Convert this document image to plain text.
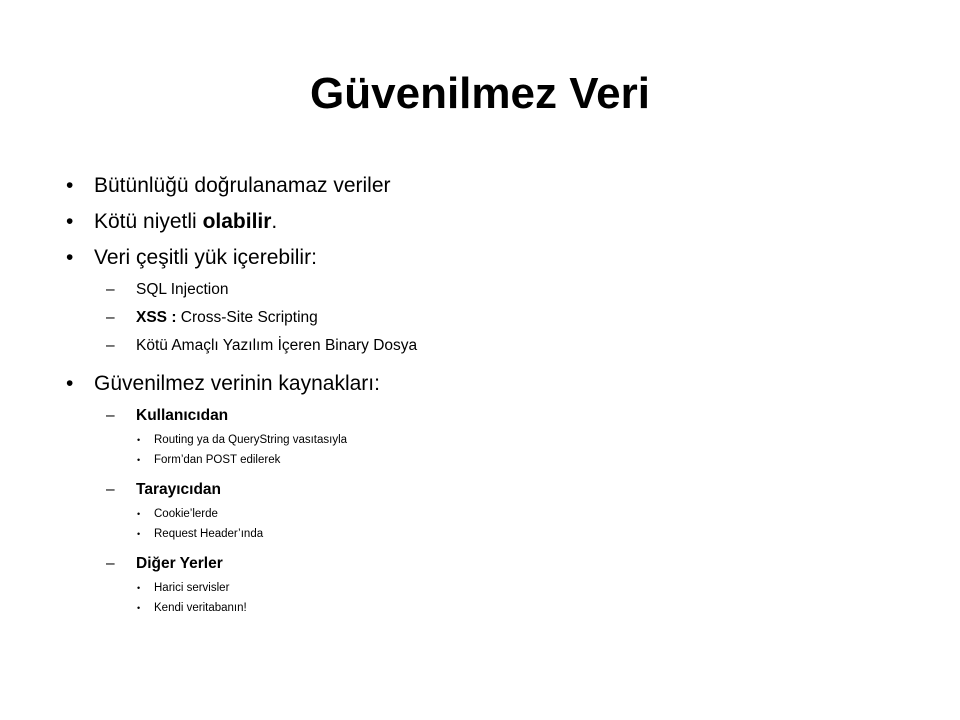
Güvenilmez Veri
• Bütünlüğü doğrulanamaz veriler
• Kötü niyetli olabilir.
• Veri çeşitli yük içerebilir:
– SQL Injection
– XSS : Cross-Site Scripting
– Kötü Amaçlı Yazılım İçeren Binary Dosya
• Güvenilmez verinin kaynakları:
– Kullanıcıdan
• Routing ya da QueryString vasıtasıyla
• Form’dan POST edilerek
– Tarayıcıdan
• Cookie’lerde
• Request Header’ında
– Diğer Yerler
• Harici servisler
• Kendi veritabanın!
